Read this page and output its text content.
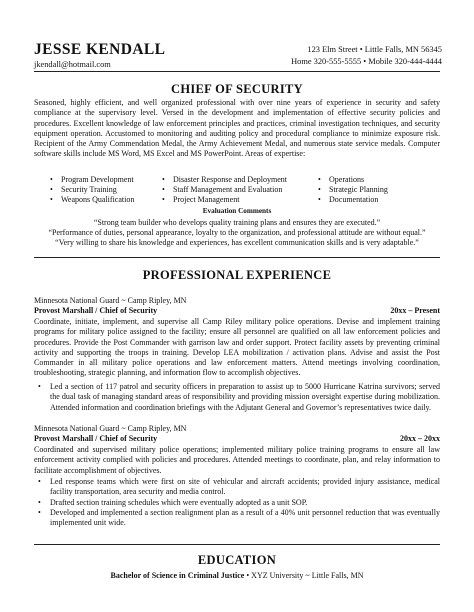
JESSE KENDALL
jkendall@hotmail.com
123 Elm Street • Little Falls, MN 56345
Home 320-555-5555 • Mobile 320-444-4444
CHIEF OF SECURITY
Seasoned, highly efficient, and well organized professional with over nine years of experience in security and safety compliance at the supervisory level. Versed in the development and implementation of effective security policies and procedures. Excellent knowledge of law enforcement principles and practices, criminal investigation techniques, and security equipment operation. Accustomed to monitoring and auditing policy and procedural compliance to minimize exposure risk. Recipient of the Army Commendation Medal, the Army Achievement Medal, and numerous state service medals. Computer software skills include MS Word, MS Excel and MS PowerPoint. Areas of expertise:
• Program Development
• Security Training
• Weapons Qualification
• Disaster Response and Deployment
• Staff Management and Evaluation
• Project Management
• Operations
• Strategic Planning
• Documentation
Evaluation Comments
“Strong team builder who develops quality training plans and ensures they are executed.”
“Performance of duties, personal appearance, loyalty to the organization, and professional attitude are without equal.”
“Very willing to share his knowledge and experiences, has excellent communication skills and is very adaptable.”
PROFESSIONAL EXPERIENCE
Minnesota National Guard ~ Camp Ripley, MN
Provost Marshall / Chief of Security	20xx – Present
Coordinate, initiate, implement, and supervise all Camp Riley military police operations. Devise and implement training programs for military police assigned to the facility; ensure all personnel are qualified on all law enforcement policies and procedures. Provide the Post Commander with garrison law and order support. Protect facility assets by preventing criminal activity and supporting the troops in training. Develop LEA mobilization / activation plans. Advise and assist the Post Commander in all military police operations and law enforcement matters. Attend meetings involving coordination, troubleshooting, strategic planning, and information flow to accomplish objectives.
• Led a section of 117 patrol and security officers in preparation to assist up to 5000 Hurricane Katrina survivors; served the dual task of managing standard areas of responsibility and providing mission oversight expertise during mobilization. Attended information and coordination briefings with the Adjutant General and Governor’s representatives twice daily.
Minnesota National Guard ~ Camp Ripley, MN
Provost Marshall / Chief of Security	20xx – 20xx
Coordinated and supervised military police operations; implemented military police training programs to ensure all law enforcement activity complied with policies and procedures. Attended meetings to coordinate, plan, and relay information to facilitate accomplishment of objectives.
• Led response teams which were first on site of vehicular and aircraft accidents; provided injury assistance, medical facility transportation, area security and media control.
• Drafted section training schedules which were eventually adopted as a unit SOP.
• Developed and implemented a section realignment plan as a result of a 40% unit personnel reduction that was eventually implemented unit wide.
EDUCATION
Bachelor of Science in Criminal Justice • XYZ University ~ Little Falls, MN
